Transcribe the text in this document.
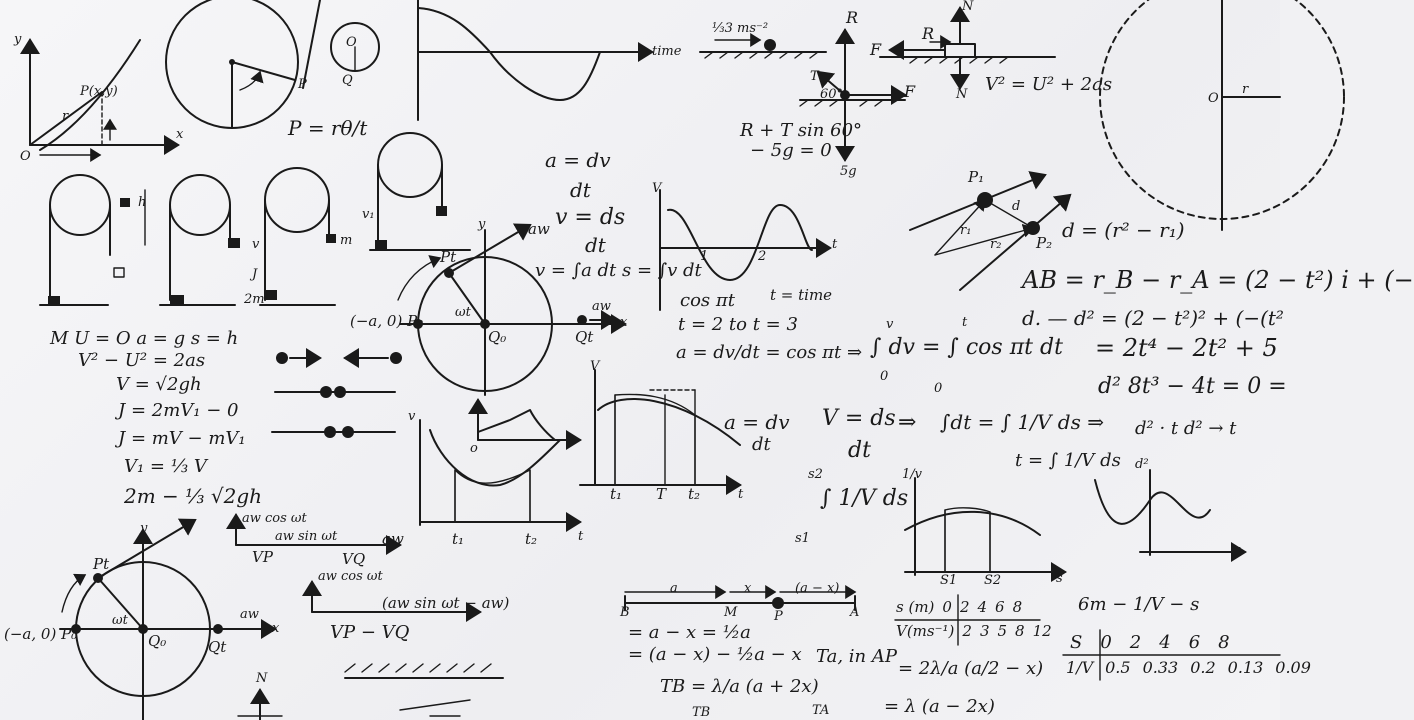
y
x
P(x,y)
r
O
P = rθ/t
Q
O
P
time
⅓3 ms⁻²
R
T
F
60°
5g
R + T sin 60°
− 5g = 0
F
R
N
N V² = U² + 2as
O
r
P₁
P₂
d
r₁
r₂
d = (r² − r₁)
AB = r_B − r_A = (2 − t²) i + (−
d. — d² = (2 − t²)² + (−(t²
= 2t⁴ − 2t² + 5
d² 8t³ − 4t = 0 =
d² · t d² → t
a = dv
dt
v = ds
dt
v = ∫a dt s = ∫v dt
aw
V
t
1	2
cos πt t = time
t = 2 to t = 3
a = dv/dt = cos πt ⇒ ∫ dv = ∫ cos πt dt
v
0
t
0
Pt
(−a, 0) P₀
Q₀	Qt
ωt	aw
x
y
h
v
v₁
m
2m
J
M U = O a = g s = h
V² − U² = 2as
V = √2gh
J = 2mV₁ − 0
J = mV − mV₁
V₁ = ⅓ V
2m − ⅓ √2gh
v
t
o
t₁	t₂
V
t₁ T t₂	t
a = dv
dt
V = ds
dt
⇒ ∫dt = ∫ 1/V ds ⇒
t = ∫ 1/V ds
∫ 1/V ds
s2
s1
1/v
s
S1 S2
d²
t
aw cos ωt
aw sin ωt	aw
VP	VQ
aw cos ωt
(aw sin ωt − aw)
VP − VQ
Pt
(−a, 0) P₀	Q₀	Qt
ωt	aw
x
y
a	x	(a − x)
B	M	P	A
= a − x = ½a
= (a − x) − ½a − x Ta, in AP
= 2λ/a (a/2 − x)
TB = λ/a (a + 2x)
= λ (a − 2x)
TB	TA
s (m) 0 2 4 6 8
V(ms⁻¹) 2 3 5 8 12
6m − 1/V − s
S 0 2 4 6 8
1/V 0.5 0.33 0.2 0.13 0.09
N
